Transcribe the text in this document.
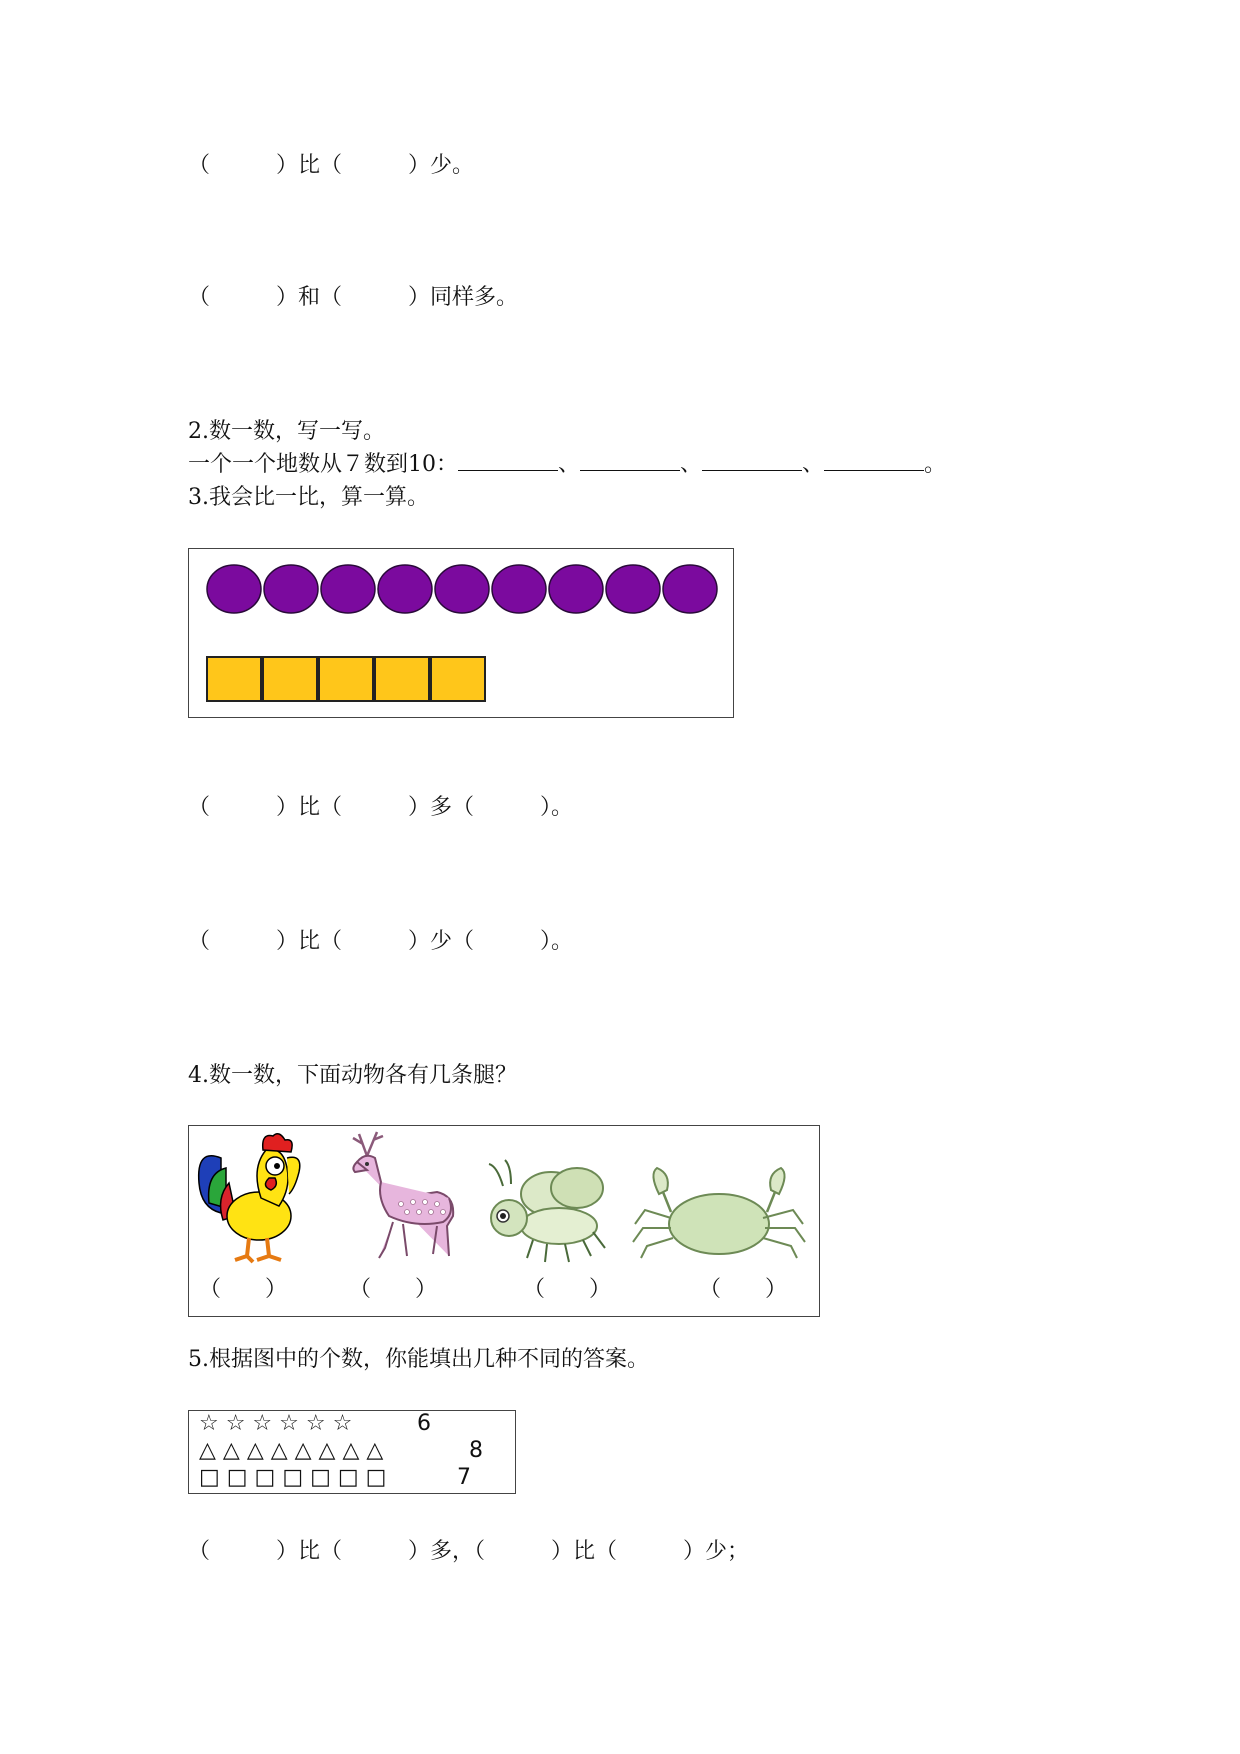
（　　　）比（　　　）少。
（　　　）和（　　　）同样多。
2.数一数，写一写。
一个一个地数从７数到10：	、	、	、	。
3.我会比一比，算一算。
（　　　）比（　　　）多（　　　）。
（　　　）比（　　　）少（　　　）。
4.数一数，下面动物各有几条腿？
（　　）	（　　）	（　　）	（　　）
5.根据图中的个数，你能填出几种不同的答案。
☆ ☆ ☆ ☆ ☆ ☆	6
△ △ △ △ △ △ △ △	8
□ □ □ □ □ □ □	7
（　　　）比（　　　）多，（　　　）比（　　　）少；
